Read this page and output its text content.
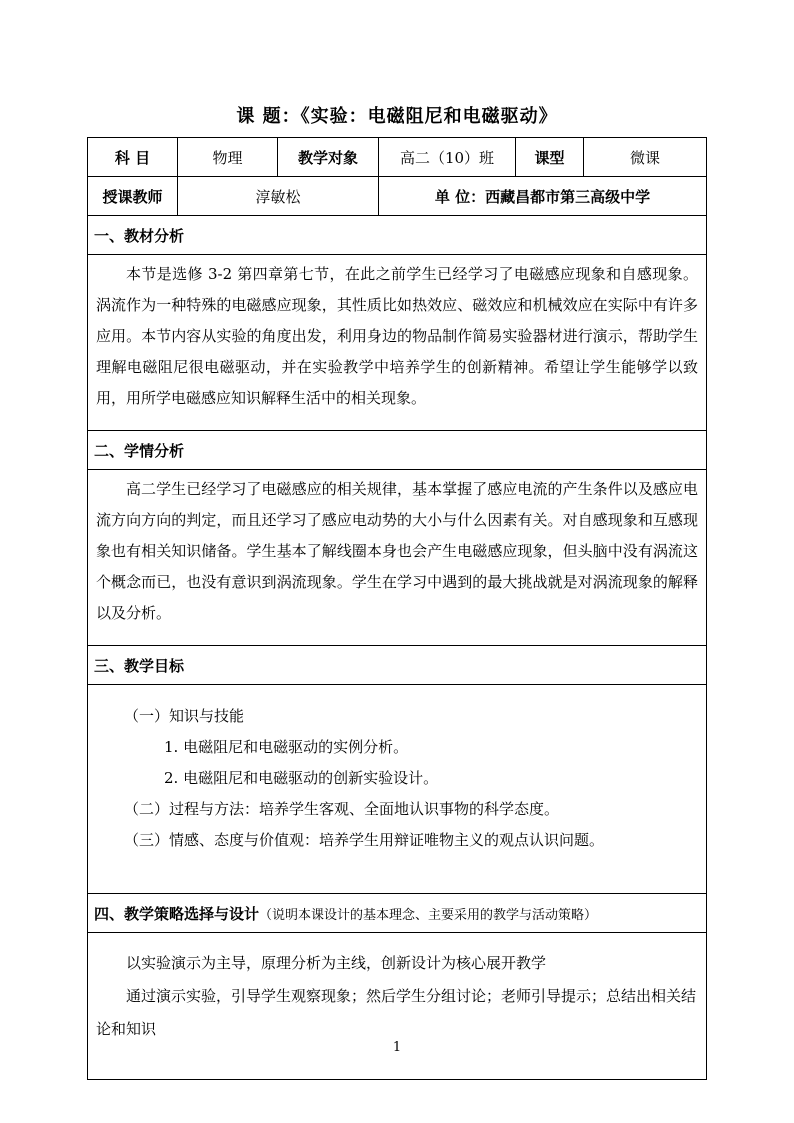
课 题：《实验：电磁阻尼和电磁驱动》
科 目	物理	教学对象	高二（10）班	课型	微课
授课教师	淳敏松		单 位：西藏昌都市第三高级中学		
一、教材分析					

本节是选修 3-2 第四章第七节，在此之前学生已经学习了电磁感应现象和自感现象。涡流作为一种特殊的电磁感应现象，其性质比如热效应、磁效应和机械效应在实际中有许多应用。本节内容从实验的角度出发，利用身边的物品制作简易实验器材进行演示，帮助学生理解电磁阻尼很电磁驱动，并在实验教学中培养学生的创新精神。希望让学生能够学以致用，用所学电磁感应知识解释生活中的相关现象。					

二、学情分析					

高二学生已经学习了电磁感应的相关规律，基本掌握了感应电流的产生条件以及感应电流方向方向的判定，而且还学习了感应电动势的大小与什么因素有关。对自感现象和互感现象也有相关知识储备。学生基本了解线圈本身也会产生电磁感应现象，但头脑中没有涡流这个概念而已，也没有意识到涡流现象。学生在学习中遇到的最大挑战就是对涡流现象的解释以及分析。					

三、教学目标					

（一）知识与技能

1. 电磁阻尼和电磁驱动的实例分析。

2. 电磁阻尼和电磁驱动的创新实验设计。

（二）过程与方法：培养学生客观、全面地认识事物的科学态度。

（三）情感、态度与价值观：培养学生用辩证唯物主义的观点认识问题。					

四、教学策略选择与设计（说明本课设计的基本理念、主要采用的教学与活动策略）					

以实验演示为主导，原理分析为主线，创新设计为核心展开教学

通过演示实验，引导学生观察现象；然后学生分组讨论；老师引导提示；总结出相关结论和知识					

1
